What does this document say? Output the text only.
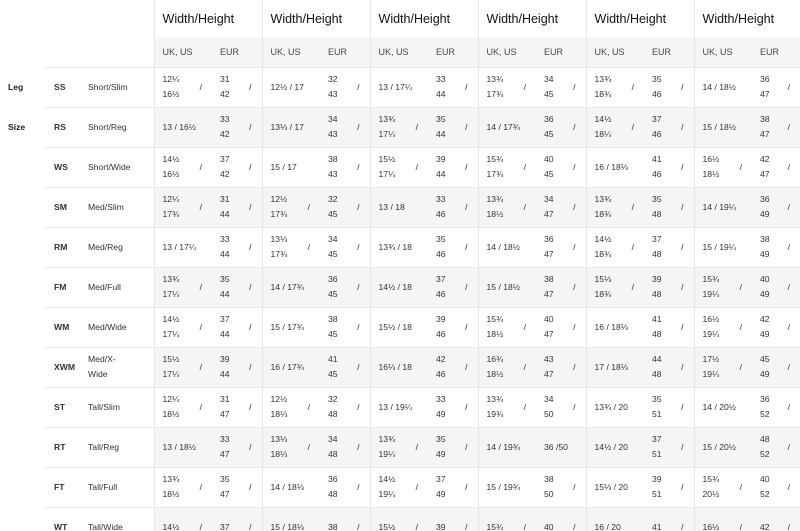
			Width/Height		Width/Height		Width/Height		Width/Height		Width/Height		Width/Height	
			UK, US	EUR	UK, US	EUR	UK, US	EUR	UK, US	EUR	UK, US	EUR	UK, US	EUR
Leg	SS	Short/Slim	12¼
16½
/	31
42
/	12½ / 17	32
43
/	13 / 17¼	33
44
/	13¾
17¾
/	34
45
/	13¾
18¾
/	35
46
/	14 / 18½	36
47
/

Size	RS	Short/Reg	13 / 16½	33
42
/	13⅓ / 17	34
43
/	13¾
17¼
/	35
44
/	14 / 17¾	36
45
/	14½
18¼
/	37
46
/	15 / 18½	38
47
/

	WS	Short/Wide	14½
16½
/	37
42
/	15 / 17	38
43
/	15½
17¼
/	39
44
/	15¾
17¾
/	40
45
/	16 / 18⅓	41
46
/	16½
18½
/	42
47
/

	SM	Med/Slim	12¼
17¾
/	31
44
/	12½
17¾
/	32
45
/	13 / 18	33
46
/	13¾
18½
/	34
47
/	13¾
18¾
/	35
48
/	14 / 19¼	36
49
/

	RM	Med/Reg	13 / 17¼	33
44
/	13⅓
17¾
/	34
45
/	13¾ / 18	35
46
/	14 / 18½	36
47
/	14½
18¾
/	37
48
/	15 / 19¼	38
49
/

	FM	Med/Full	13¾
17¼
/	35
44
/	14 / 17¾	36
45
/	14½ / 18	37
46
/	15 / 18½	38
47
/	15⅓
18¾
/	39
48
/	15¾
19¼
/	40
49
/

	WM	Med/Wide	14½
17¼
/	37
44
/	15 / 17¾	38
45
/	15½ / 18	39
46
/	15¾
18½
/	40
47
/	16 / 18⅓	41
48
/	16½
19¼
/	42
49
/

	XWM	Med/X-
Wide	15½
17¼
/	39
44
/	16 / 17¾	41
45
/	16⅓ / 18	42
46
/	16¾
18½
/	43
47
/	17 / 18⅓	44
48
/	17½
19¼
/	45
49
/

	ST	Tall/Slim	12¼
18½
/	31
47
/	12½
18⅓
/	32
48
/	13 / 19¼	33
49
/	13¾
19¾
/	34
50
/	13¾ / 20	35
51
/	14 / 20½	36
52
/

	RT	Tall/Reg	13 / 18½	33
47
/	13⅓
18⅓
/	34
48
/	13¾
19¼
/	35
49
/	14 / 19¾	36 /50	14½ / 20	37
51
/	15 / 20½	48
52
/

	FT	Tall/Full	13¾
18½
/	35
47
/	14 / 18⅓	36
48
/	14½
19¼
/	37
49
/	15 / 19¾	38
50
/	15⅓ / 20	39
51
/	15¾
20½
/	40
52
/

	WT	Tall/Wide	14½ /	37 /	15 / 18⅓	38 /	15½ /	39 /	15¾ /	40 /	16 / 20	41 /	16½ /	42 /
